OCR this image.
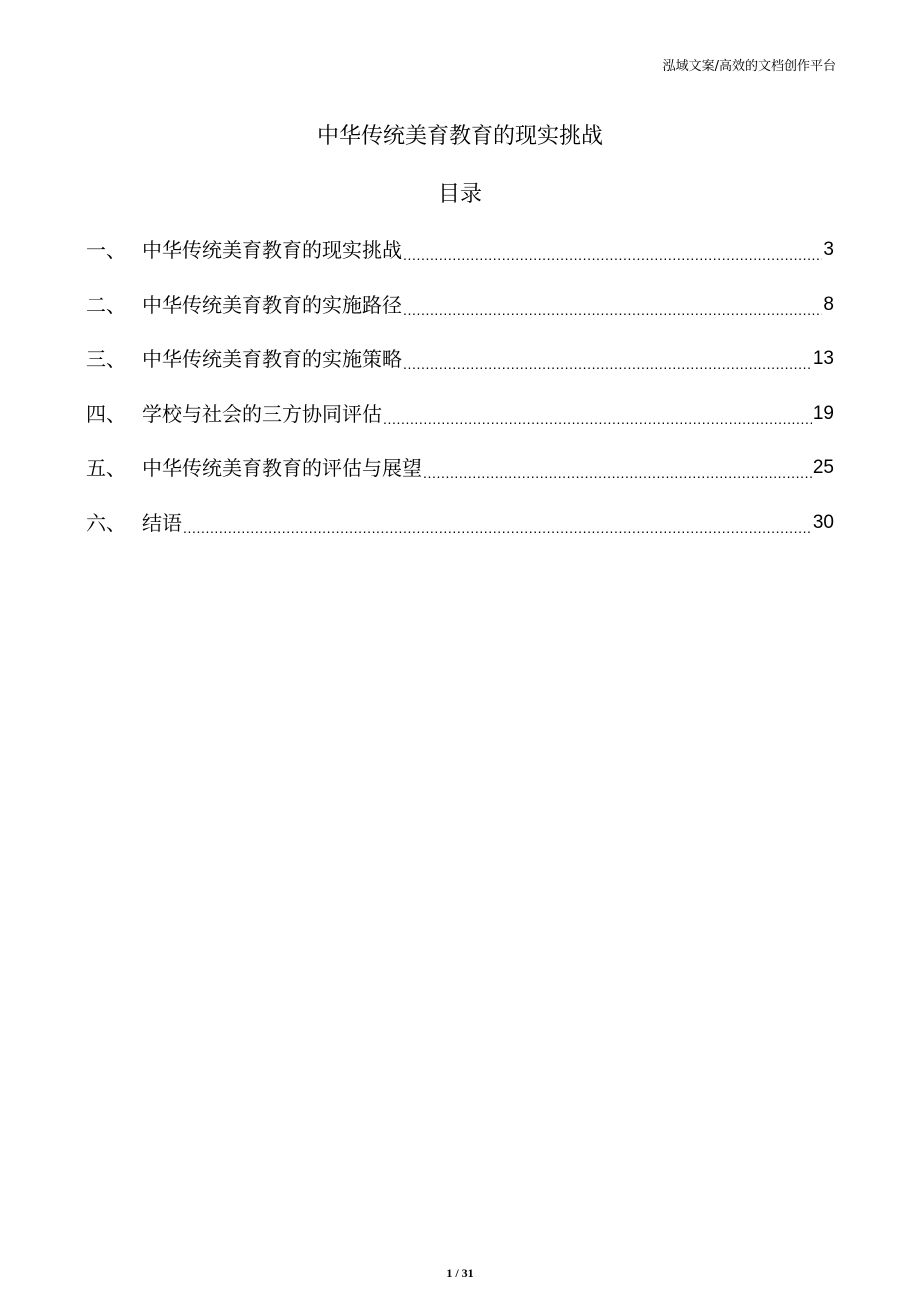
泓域文案/高效的文档创作平台
中华传统美育教育的现实挑战
目录
一、 中华传统美育教育的现实挑战 .....	3
二、 中华传统美育教育的实施路径 .....	8
三、 中华传统美育教育的实施策略 .....	13
四、 学校与社会的三方协同评估 .....	19
五、 中华传统美育教育的评估与展望 .....	25
六、 结语 .....	30
1 / 31
